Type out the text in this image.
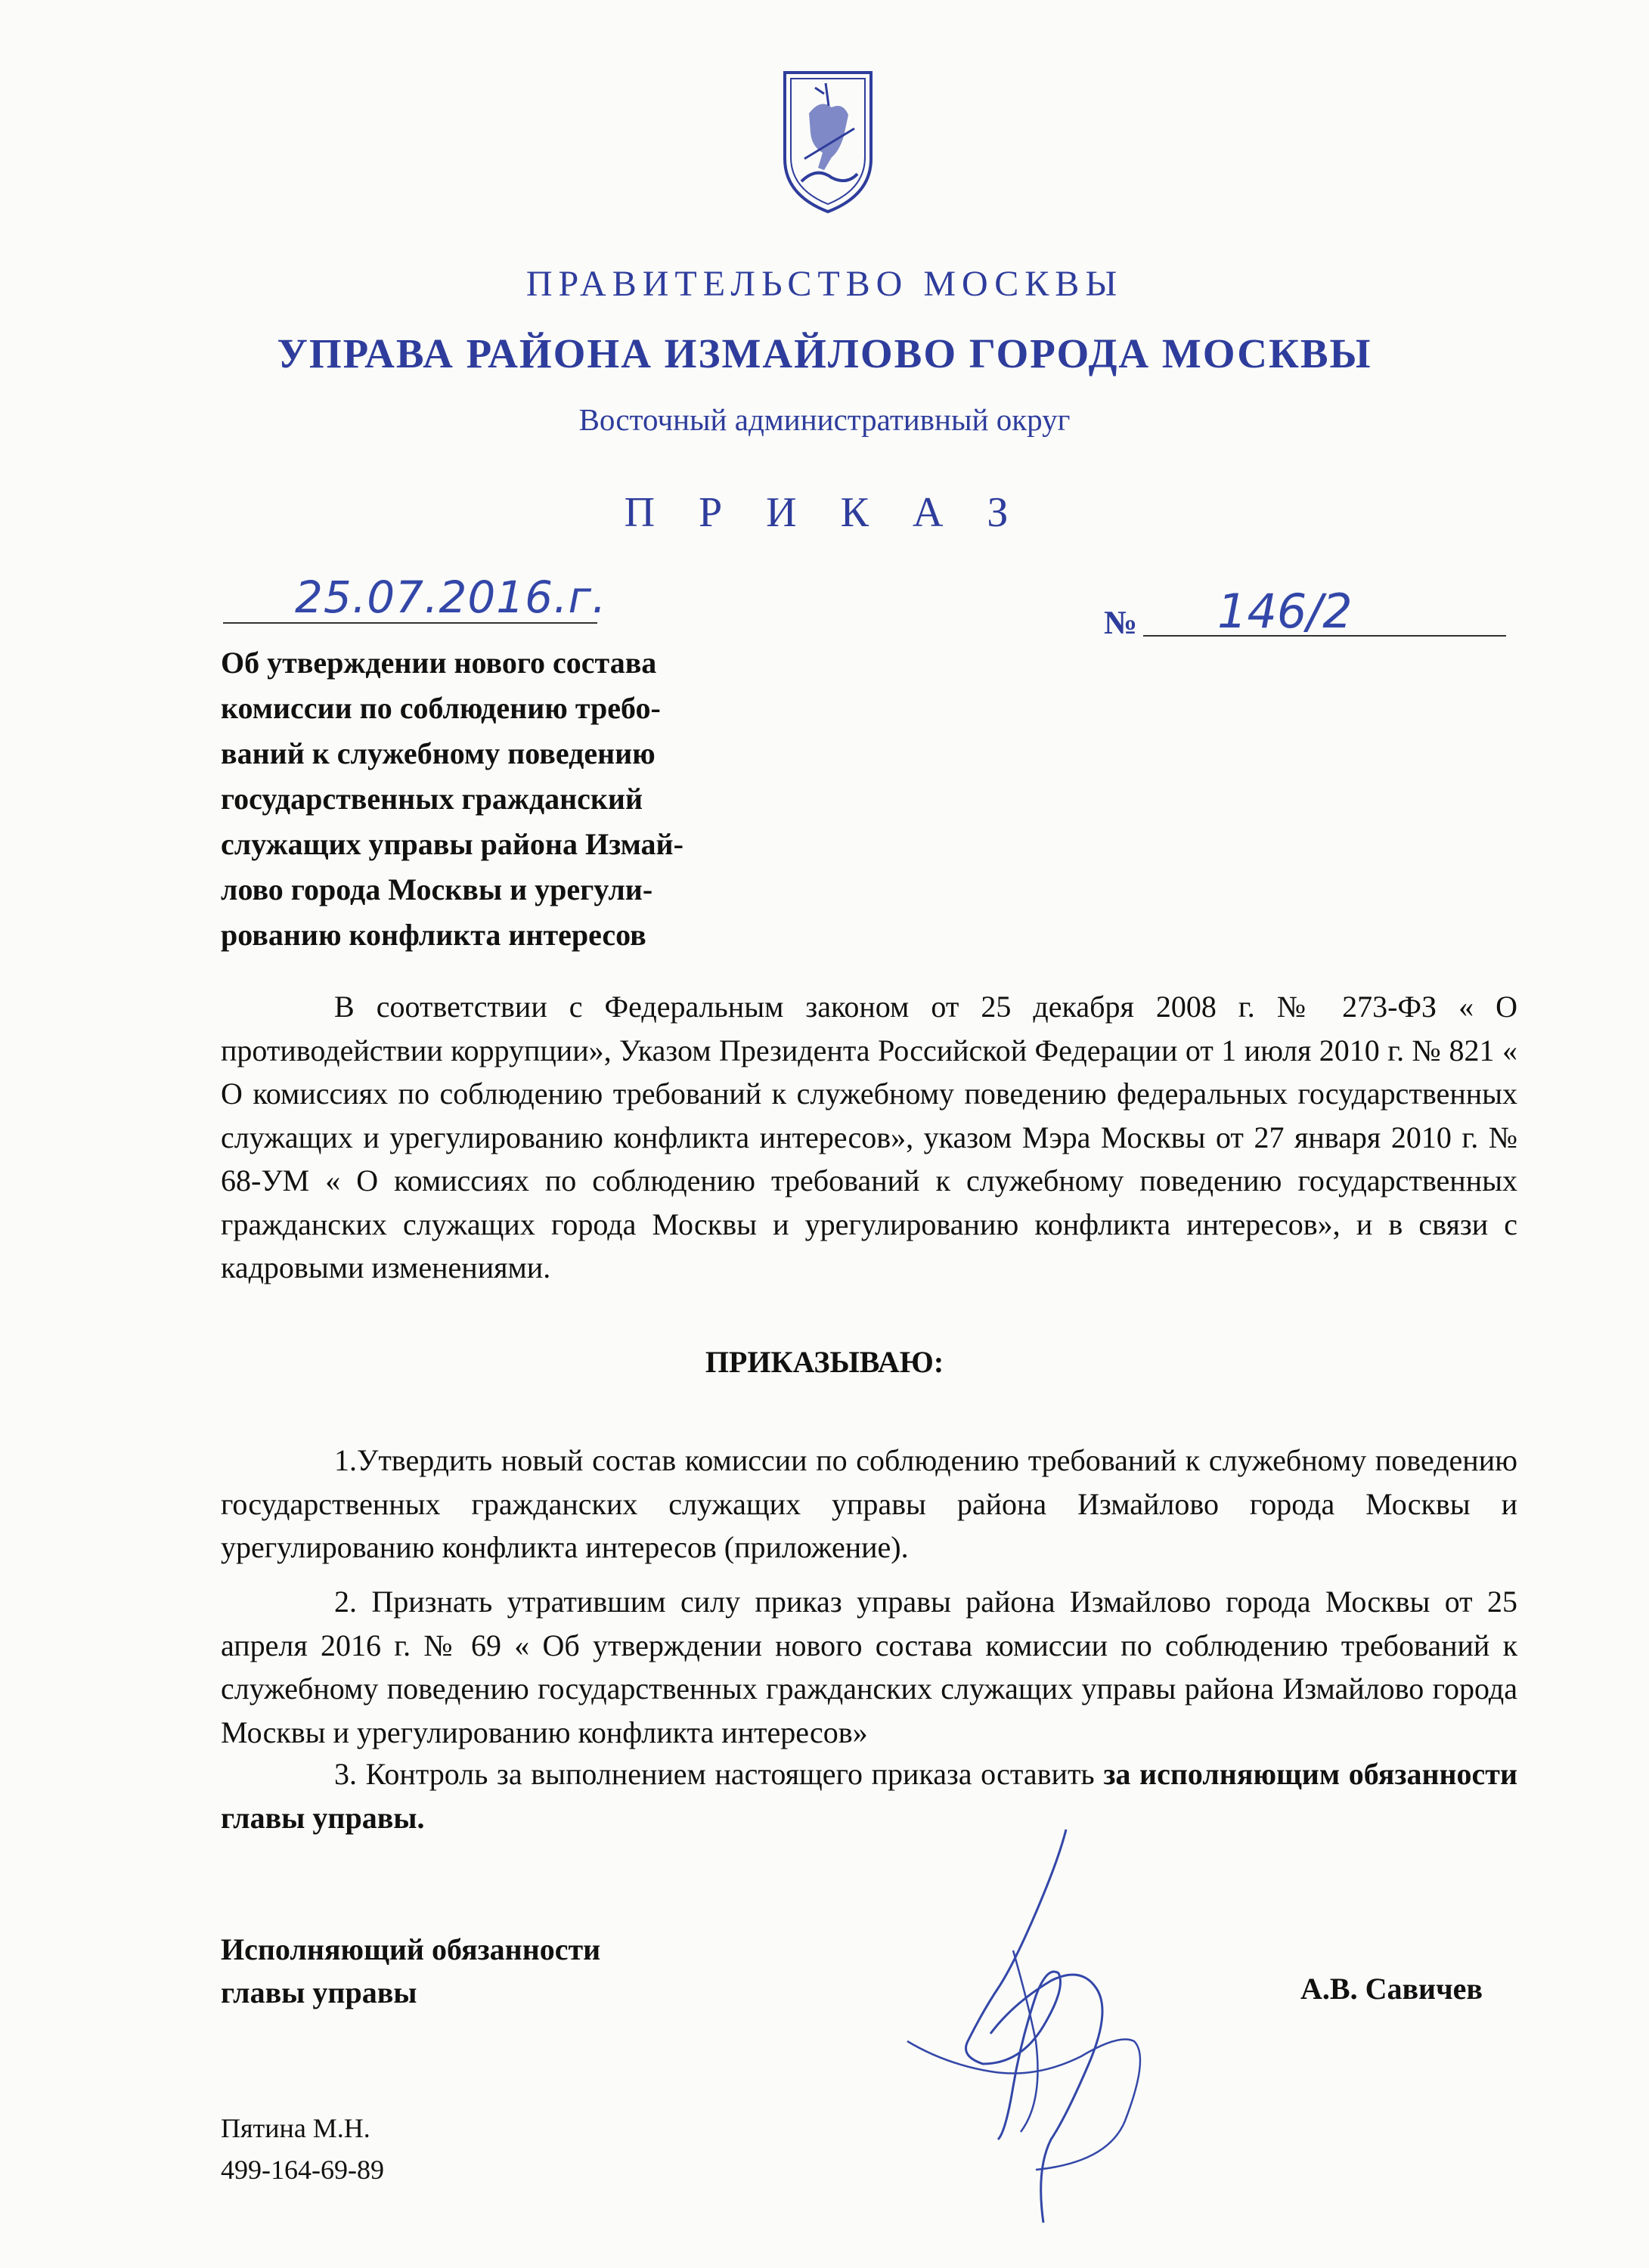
ПРАВИТЕЛЬСТВО МОСКВЫ
УПРАВА РАЙОНА ИЗМАЙЛОВО ГОРОДА МОСКВЫ
Восточный административный округ
П Р И К А З
25.07.2016.г.	№ 146/2
Об утверждении нового состава
комиссии по соблюдению требо-
ваний к служебному поведению
государственных гражданский
служащих управы района Измай-
лово города Москвы и урегули-
рованию конфликта интересов
В соответствии с Федеральным законом от 25 декабря 2008 г. № 273-ФЗ « О противодействии коррупции», Указом Президента Российской Федерации от 1 июля 2010 г. № 821 « О комиссиях по соблюдению требований к служебному поведению федеральных государственных служащих и урегулированию конфликта интересов», указом Мэра Москвы от 27 января 2010 г. № 68-УМ « О комиссиях по соблюдению требований к служебному поведению государственных гражданских служащих города Москвы и урегулированию конфликта интересов», и в связи с кадровыми изменениями.
ПРИКАЗЫВАЮ:
1.Утвердить новый состав комиссии по соблюдению требований к служебному поведению государственных гражданских служащих управы района Измайлово города Москвы и урегулированию конфликта интересов (приложение).
2. Признать утратившим силу приказ управы района Измайлово города Москвы от 25 апреля 2016 г. № 69 « Об утверждении нового состава комиссии по соблюдению требований к служебному поведению государственных гражданских служащих управы района Измайлово города Москвы и урегулированию конфликта интересов»
3. Контроль за выполнением настоящего приказа оставить за исполняющим обязанности главы управы.
Исполняющий обязанности
главы управы	А.В. Савичев
Пятина М.Н.
499-164-69-89
